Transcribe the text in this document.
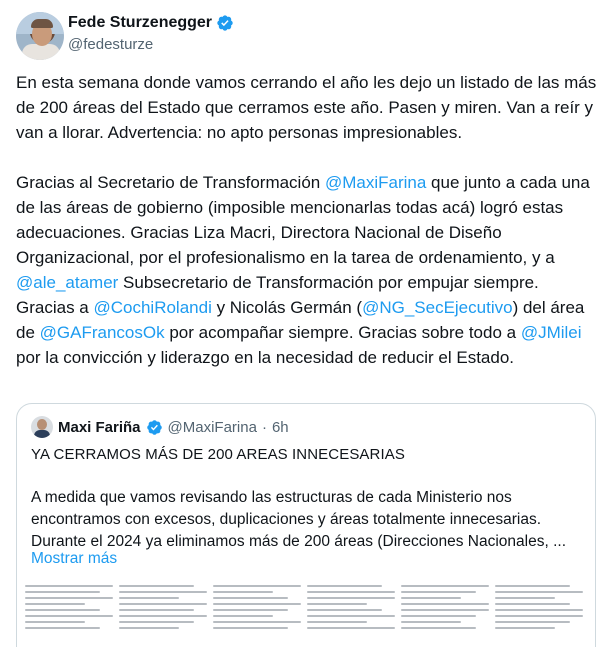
Fede Sturzenegger
@fedesturze

En esta semana donde vamos cerrando el año les dejo un listado de las más de 200 áreas del Estado que cerramos este año. Pasen y miren. Van a reír y van a llorar. Advertencia: no apto personas impresionables.

Gracias al Secretario de Transformación @MaxiFarina que junto a cada una de las áreas de gobierno (imposible mencionarlas todas acá) logró estas adecuaciones. Gracias Liza Macri, Directora Nacional de Diseño Organizacional, por el profesionalismo en la tarea de ordenamiento, y a @ale_atamer Subsecretario de Transformación por empujar siempre. Gracias a @CochiRolandi y Nicolás Germán (@NG_SecEjecutivo) del área de @GAFrancosOk por acompañar siempre. Gracias sobre todo a @JMilei por la convicción y liderazgo en la necesidad de reducir el Estado.

Maxi Fariña @MaxiFarina · 6h
YA CERRAMOS MÁS DE 200 AREAS INNECESARIAS
A medida que vamos revisando las estructuras de cada Ministerio nos encontramos con excesos, duplicaciones y áreas totalmente innecesarias. Durante el 2024 ya eliminamos más de 200 áreas (Direcciones Nacionales, ...
Mostrar más
